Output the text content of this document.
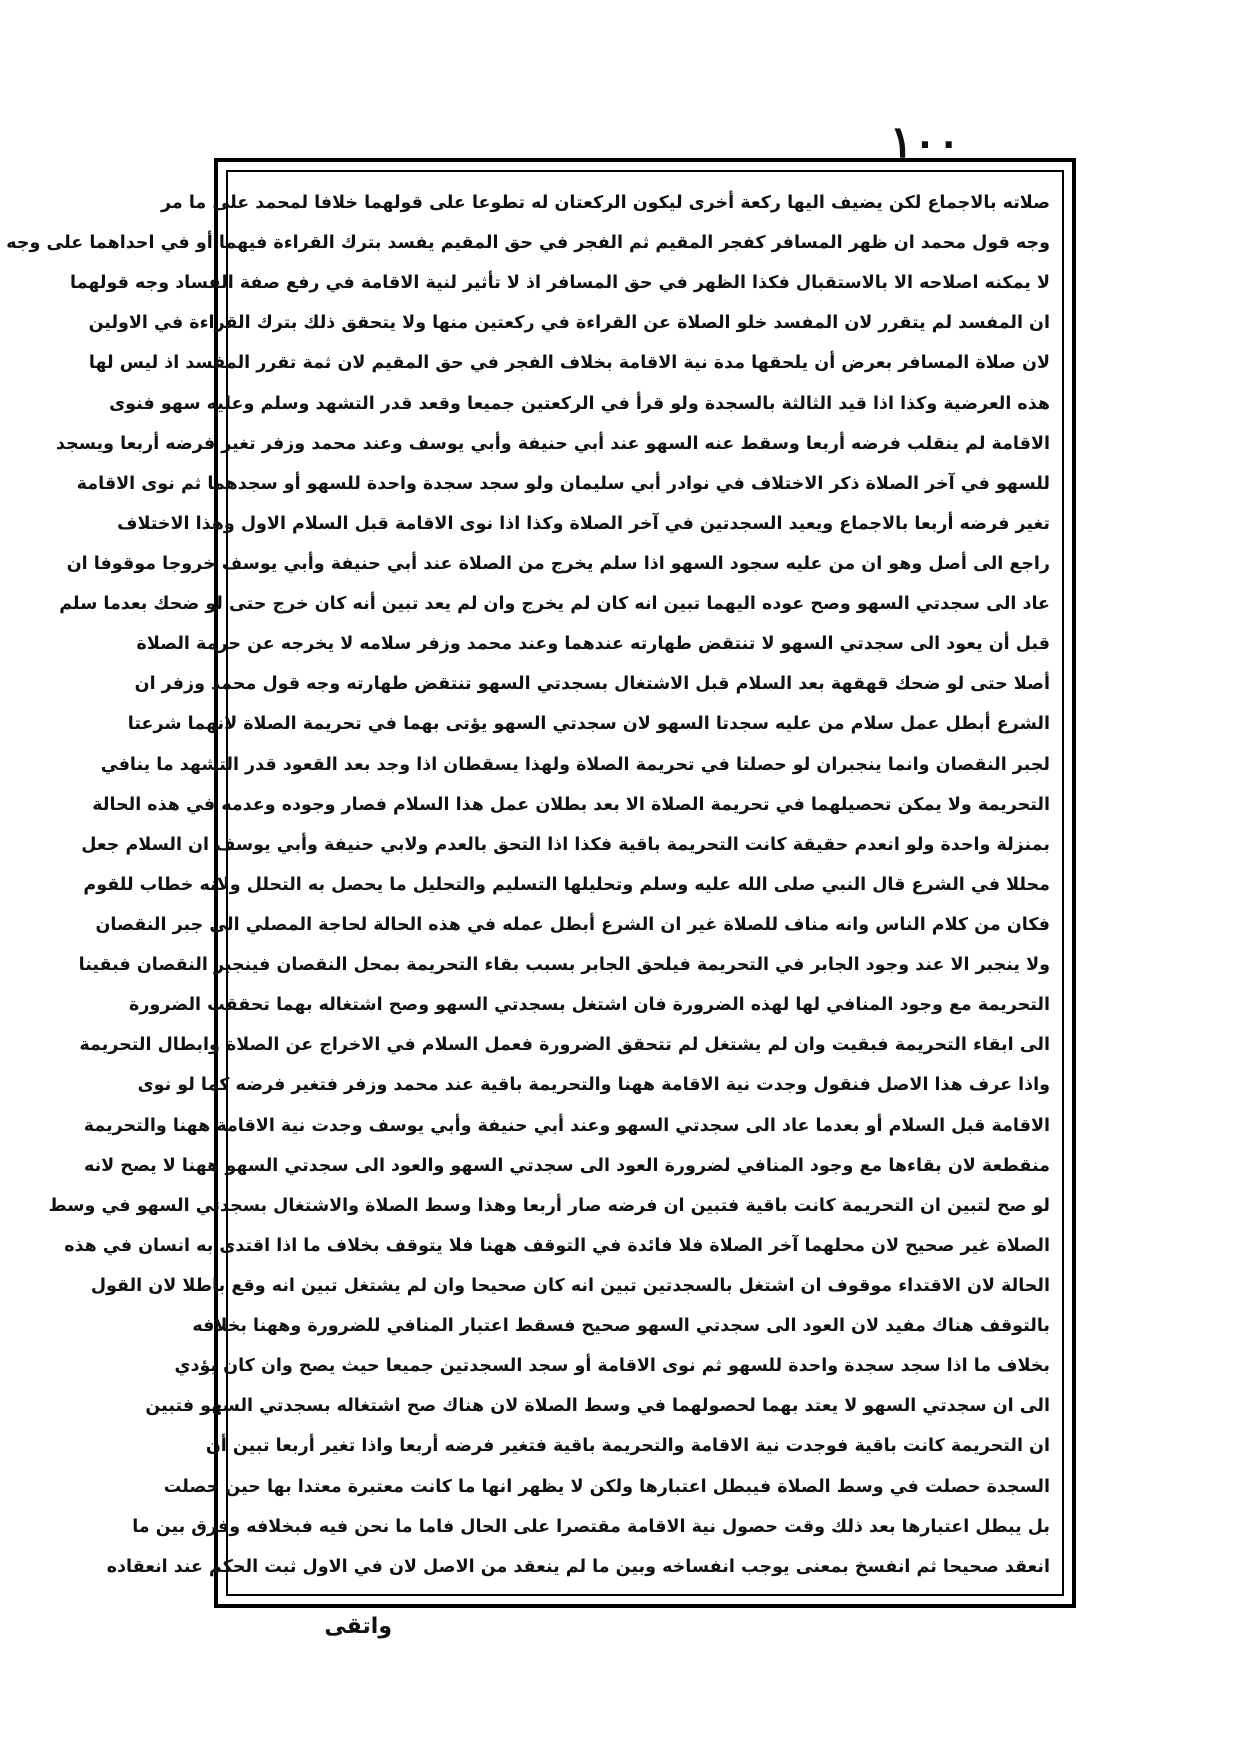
۱۰۰
صلاته بالاجماع لكن يضيف اليها ركعة أخرى ليكون الركعتان له تطوعا على قولهما خلافا لمحمد على ما مر
وجه قول محمد ان ظهر المسافر كفجر المقيم ثم الفجر في حق المقيم يفسد بترك القراءة فيهما أو في احداهما على وجه
لا يمكنه اصلاحه الا بالاستقبال فكذا الظهر في حق المسافر اذ لا تأثير لنية الاقامة في رفع صفة الفساد وجه قولهما
ان المفسد لم يتقرر لان المفسد خلو الصلاة عن القراءة في ركعتين منها ولا يتحقق ذلك بترك القراءة في الاولين
لان صلاة المسافر بعرض أن يلحقها مدة نية الاقامة بخلاف الفجر في حق المقيم لان ثمة تقرر المفسد اذ ليس لها
هذه العرضية وكذا اذا قيد الثالثة بالسجدة ولو قرأ في الركعتين جميعا وقعد قدر التشهد وسلم وعليه سهو فنوى
الاقامة لم ينقلب فرضه أربعا وسقط عنه السهو عند أبي حنيفة وأبي يوسف وعند محمد وزفر تغير فرضه أربعا ويسجد
للسهو في آخر الصلاة ذكر الاختلاف في نوادر أبي سليمان ولو سجد سجدة واحدة للسهو أو سجدهما ثم نوى الاقامة
تغير فرضه أربعا بالاجماع ويعيد السجدتين في آخر الصلاة وكذا اذا نوى الاقامة قبل السلام الاول وهذا الاختلاف
راجع الى أصل وهو ان من عليه سجود السهو اذا سلم يخرج من الصلاة عند أبي حنيفة وأبي يوسف خروجا موقوفا ان
عاد الى سجدتي السهو وصح عوده اليهما تبين انه كان لم يخرج وان لم يعد تبين أنه كان خرج حتى لو ضحك بعدما سلم
قبل أن يعود الى سجدتي السهو لا تنتقض طهارته عندهما وعند محمد وزفر سلامه لا يخرجه عن حرمة الصلاة
أصلا حتى لو ضحك قهقهة بعد السلام قبل الاشتغال بسجدتي السهو تنتقض طهارته وجه قول محمد وزفر ان
الشرع أبطل عمل سلام من عليه سجدتا السهو لان سجدتي السهو يؤتى بهما في تحريمة الصلاة لانهما شرعتا
لجبر النقصان وانما ينجبران لو حصلتا في تحريمة الصلاة ولهذا يسقطان اذا وجد بعد القعود قدر التشهد ما ينافي
التحريمة ولا يمكن تحصيلهما في تحريمة الصلاة الا بعد بطلان عمل هذا السلام فصار وجوده وعدمه في هذه الحالة
بمنزلة واحدة ولو انعدم حقيقة كانت التحريمة باقية فكذا اذا التحق بالعدم ولابي حنيفة وأبي يوسف ان السلام جعل
محللا في الشرع قال النبي صلى الله عليه وسلم وتحليلها التسليم والتحليل ما يحصل به التحلل ولانه خطاب للقوم
فكان من كلام الناس وانه مناف للصلاة غير ان الشرع أبطل عمله في هذه الحالة لحاجة المصلي الى جبر النقصان
ولا ينجبر الا عند وجود الجابر في التحريمة فيلحق الجابر بسبب بقاء التحريمة بمحل النقصان فينجبر النقصان فبقينا
التحريمة مع وجود المنافي لها لهذه الضرورة فان اشتغل بسجدتي السهو وصح اشتغاله بهما تحققت الضرورة
الى ابقاء التحريمة فبقيت وان لم يشتغل لم تتحقق الضرورة فعمل السلام في الاخراج عن الصلاة وابطال التحريمة
واذا عرف هذا الاصل فنقول وجدت نية الاقامة ههنا والتحريمة باقية عند محمد وزفر فتغير فرضه كما لو نوى
الاقامة قبل السلام أو بعدما عاد الى سجدتي السهو وعند أبي حنيفة وأبي يوسف وجدت نية الاقامة ههنا والتحريمة
منقطعة لان بقاءها مع وجود المنافي لضرورة العود الى سجدتي السهو والعود الى سجدتي السهو ههنا لا يصح لانه
لو صح لتبين ان التحريمة كانت باقية فتبين ان فرضه صار أربعا وهذا وسط الصلاة والاشتغال بسجدتي السهو في وسط
الصلاة غير صحيح لان محلهما آخر الصلاة فلا فائدة في التوقف ههنا فلا يتوقف بخلاف ما اذا اقتدى به انسان في هذه
الحالة لان الاقتداء موقوف ان اشتغل بالسجدتين تبين انه كان صحيحا وان لم يشتغل تبين انه وقع باطلا لان القول
بالتوقف هناك مفيد لان العود الى سجدتي السهو صحيح فسقط اعتبار المنافي للضرورة وههنا بخلافه
بخلاف ما اذا سجد سجدة واحدة للسهو ثم نوى الاقامة أو سجد السجدتين جميعا حيث يصح وان كان يؤدي
الى ان سجدتي السهو لا يعتد بهما لحصولهما في وسط الصلاة لان هناك صح اشتغاله بسجدتي السهو فتبين
ان التحريمة كانت باقية فوجدت نية الاقامة والتحريمة باقية فتغير فرضه أربعا واذا تغير أربعا تبين أن
السجدة حصلت في وسط الصلاة فيبطل اعتبارها ولكن لا يظهر انها ما كانت معتبرة معتدا بها حين حصلت
بل يبطل اعتبارها بعد ذلك وقت حصول نية الاقامة مقتصرا على الحال فاما ما نحن فيه فبخلافه وفرق بين ما
انعقد صحيحا ثم انفسخ بمعنى يوجب انفساخه وبين ما لم ينعقد من الاصل لان في الاول ثبت الحكم عند انعقاده
واتقى
